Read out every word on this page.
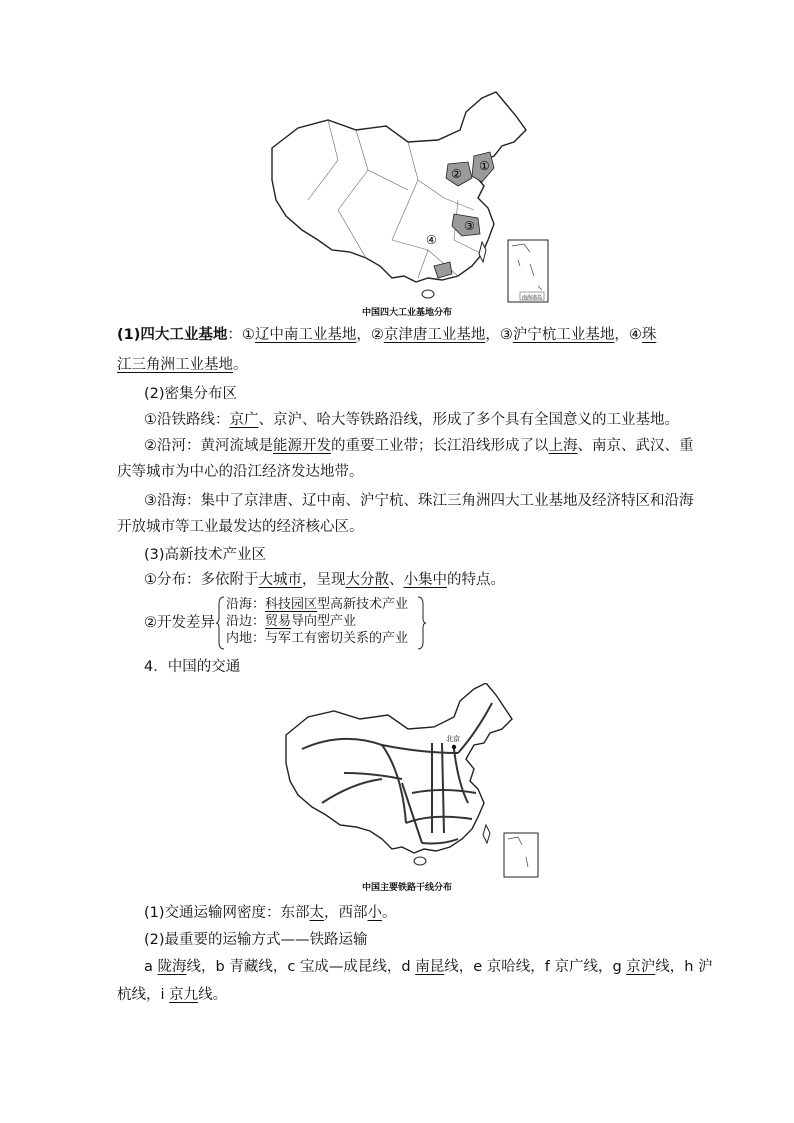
①
②
③
④
南海诸岛
中国四大工业基地分布
(1)四大工业基地：①辽中南工业基地，②京津唐工业基地，③沪宁杭工业基地，④珠
江三角洲工业基地。
(2)密集分布区
①沿铁路线：京广、京沪、哈大等铁路沿线，形成了多个具有全国意义的工业基地。
②沿河：黄河流域是能源开发的重要工业带；长江沿线形成了以上海、南京、武汉、重
庆等城市为中心的沿江经济发达地带。
③沿海：集中了京津唐、辽中南、沪宁杭、珠江三角洲四大工业基地及经济特区和沿海
开放城市等工业最发达的经济核心区。
(3)高新技术产业区
①分布：多依附于大城市，呈现大分散、小集中的特点。
②开发差异
沿海：科技园区型高新技术产业
沿边：贸易导向型产业
内地：与军工有密切关系的产业
4．中国的交通
北京
中国主要铁路干线分布
(1)交通运输网密度：东部太，西部小。
(2)最重要的运输方式——铁路运输
a 陇海线，b 青藏线，c 宝成—成昆线，d 南昆线，e 京哈线，f 京广线，g 京沪线，h 沪
杭线，i 京九线。
